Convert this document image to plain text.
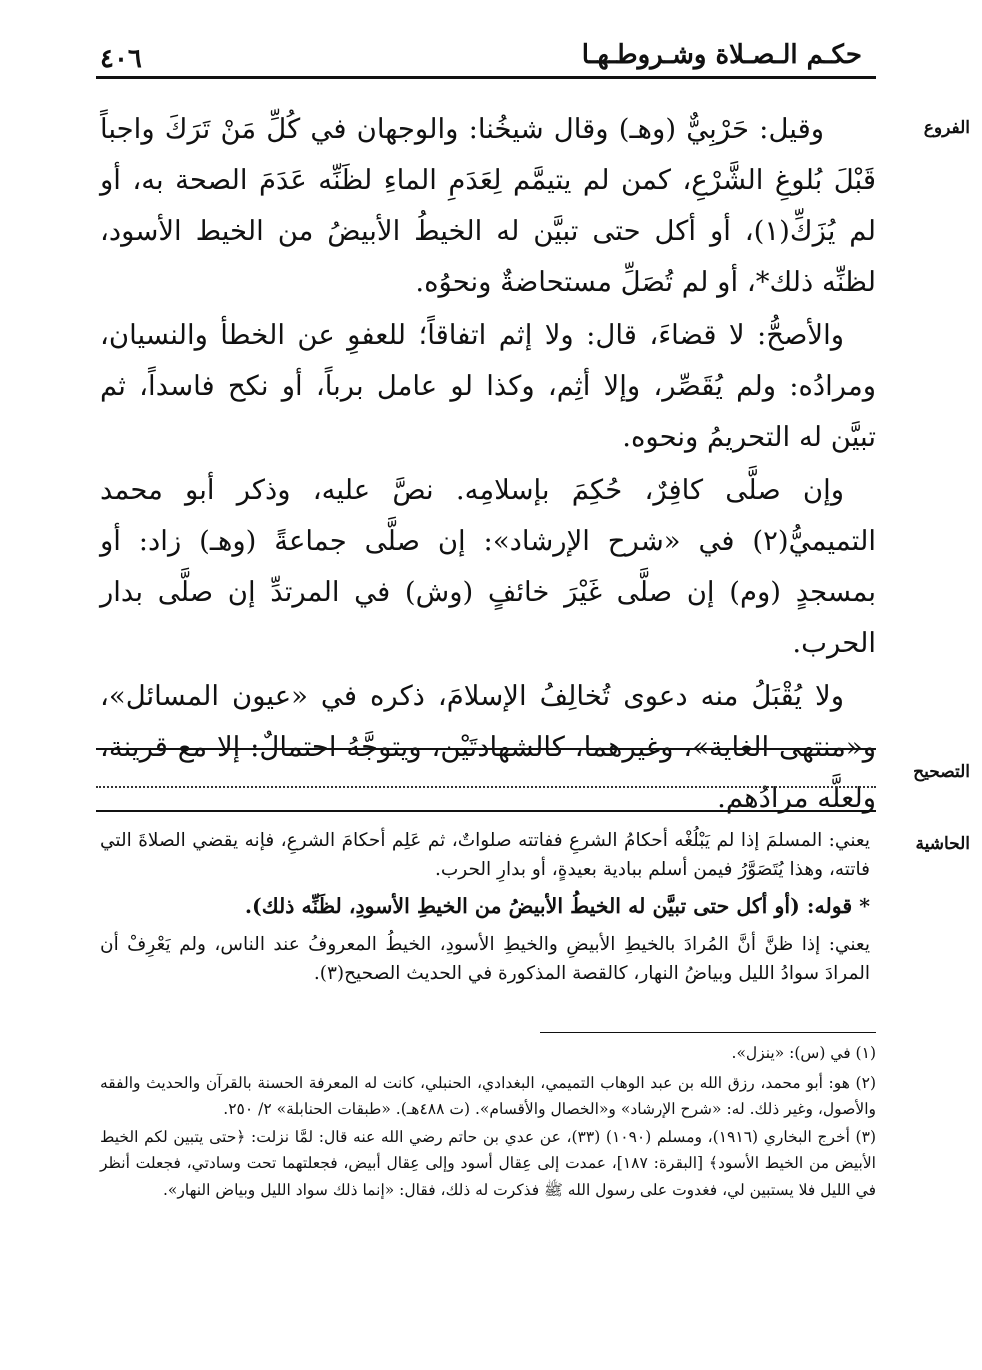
٤٠٦	حكـم الـصـلاة وشـروطـهـا
الفروع
التصحيح
الحاشية

وقيل: حَرْبِيٌّ (وهـ) وقال شيخُنا: والوجهان في كُلِّ مَنْ تَرَكَ واجباً قَبْلَ بُلوغِ الشَّرْعِ، كمن لم يتيمَّم لِعَدَمِ الماءِ لظَنِّه عَدَمَ الصحة به، أو لم يُزَكِّ(١)، أو أكل حتى تبيَّن له الخيطُ الأبيضُ من الخيط الأسود، لظنِّه ذلك*، أو لم تُصَلِّ مستحاضةٌ ونحوُه.

والأصحُّ: لا قضاءَ، قال: ولا إثم اتفاقاً؛ للعفوِ عن الخطأ والنسيان، ومرادُه: ولم يُقَصِّر، وإلا أثِم، وكذا لو عامل برباً، أو نكح فاسداً، ثم تبيَّن له التحريمُ ونحوه.

وإن صلَّى كافِرٌ، حُكِمَ بإسلامِه. نصَّ عليه، وذكر أبو محمد التميميُّ(٢) في «شرح الإرشاد»: إن صلَّى جماعةً (وهـ) زاد: أو بمسجدٍ (وم) إن صلَّى غَيْرَ خائفٍ (وش) في المرتدِّ إن صلَّى بدار الحرب.

ولا يُقْبَلُ منه دعوى تُخالِفُ الإسلامَ، ذكره في «عيون المسائل»، و«منتهى الغاية»، وغيرهما، كالشهادتَيْن، ويتوجَّهُ احتمالٌ: إلا مع قرينة، ولعلَّه مرادُهم.

يعني: المسلمَ إذا لم يَبْلُغْه أحكامُ الشرعِ ففاتته صلواتٌ، ثم عَلِم أحكامَ الشرعِ، فإنه يقضي الصلاةَ التي فاتته، وهذا يُتَصَوَّرُ فيمن أسلم ببادية بعيدةٍ، أو بدارِ الحرب.

* قوله: (أو أكل حتى تبيَّن له الخيطُ الأبيضُ من الخيطِ الأسودِ، لظَنِّه ذلك).

يعني: إذا ظنَّ أنَّ المُرادَ بالخيطِ الأبيضِ والخيطِ الأسودِ، الخيطُ المعروفُ عند الناس، ولم يَعْرِفْ أن المرادَ سوادُ الليل وبياضُ النهار، كالقصة المذكورة في الحديث الصحيح(٣).

(١) في (س): «ينزل».

(٢) هو: أبو محمد، رزق الله بن عبد الوهاب التميمي، البغدادي، الحنبلي، كانت له المعرفة الحسنة بالقرآن والحديث والفقه والأصول، وغير ذلك. له: «شرح الإرشاد» و«الخصال والأقسام». (ت ٤٨٨هـ). «طبقات الحنابلة» ٢/ ٢٥٠.

(٣) أخرج البخاري (١٩١٦)، ومسلم (١٠٩٠) (٣٣)، عن عدي بن حاتم رضي الله عنه قال: لمَّا نزلت: ﴿حتى يتبين لكم الخيط الأبيض من الخيط الأسود﴾ [البقرة: ١٨٧]، عمدت إلى عِقال أسود وإلى عِقال أبيض، فجعلتهما تحت وسادتي، فجعلت أنظر في الليل فلا يستبين لي، فغدوت على رسول الله ﷺ فذكرت له ذلك، فقال: «إنما ذلك سواد الليل وبياض النهار».
